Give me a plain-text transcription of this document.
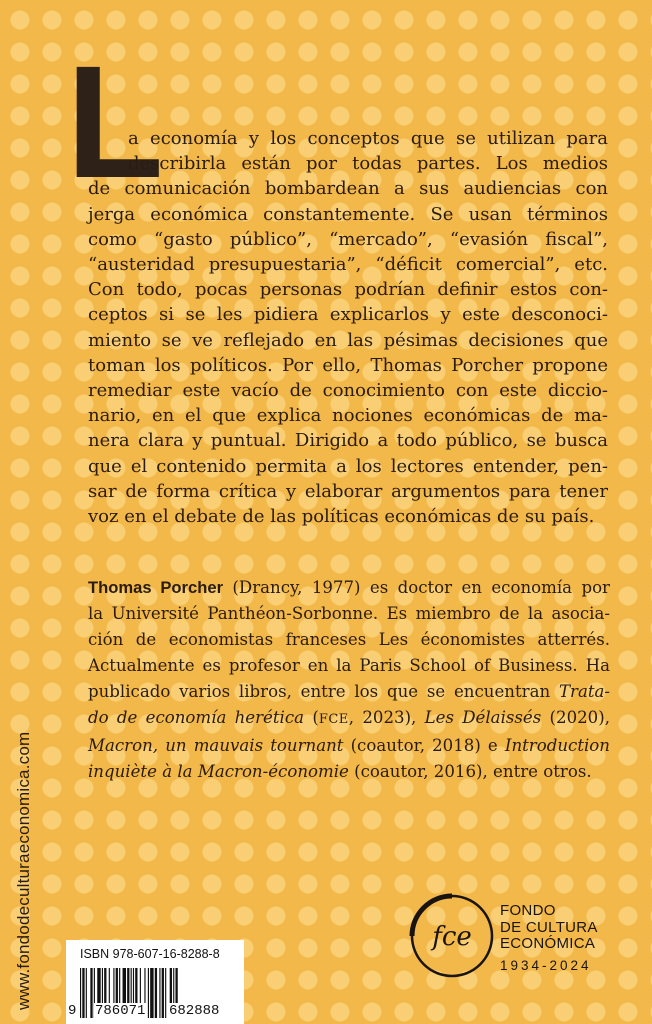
L
a economía y los conceptos que se utilizan para
describirla están por todas partes. Los medios
de comunicación bombardean a sus audiencias con
jerga económica constantemente. Se usan términos
como “gasto público”, “mercado”, “evasión fiscal”,
“austeridad presupuestaria”, “déficit comercial”, etc.
Con todo, pocas personas podrían definir estos con-
ceptos si se les pidiera explicarlos y este desconoci-
miento se ve reflejado en las pésimas decisiones que
toman los políticos. Por ello, Thomas Porcher propone
remediar este vacío de conocimiento con este diccio-
nario, en el que explica nociones económicas de ma-
nera clara y puntual. Dirigido a todo público, se busca
que el contenido permita a los lectores entender, pen-
sar de forma crítica y elaborar argumentos para tener
voz en el debate de las políticas económicas de su país.
Thomas Porcher (Drancy, 1977) es doctor en economía por
la Université Panthéon-Sorbonne. Es miembro de la asocia-
ción de economistas franceses Les économistes atterrés.
Actualmente es profesor en la Paris School of Business. Ha
publicado varios libros, entre los que se encuentran Trata-
do de economía herética (FCE, 2023), Les Délaissés (2020),
Macron, un mauvais tournant (coautor, 2018) e Introduction
inquiète à la Macron-économie (coautor, 2016), entre otros.
www.fondodeculturaeconomica.com	ISBN 978-607-16-8288-8
9 786071 682888
fce
FONDO
DE CULTURA
ECONÓMICA
1934-2024
